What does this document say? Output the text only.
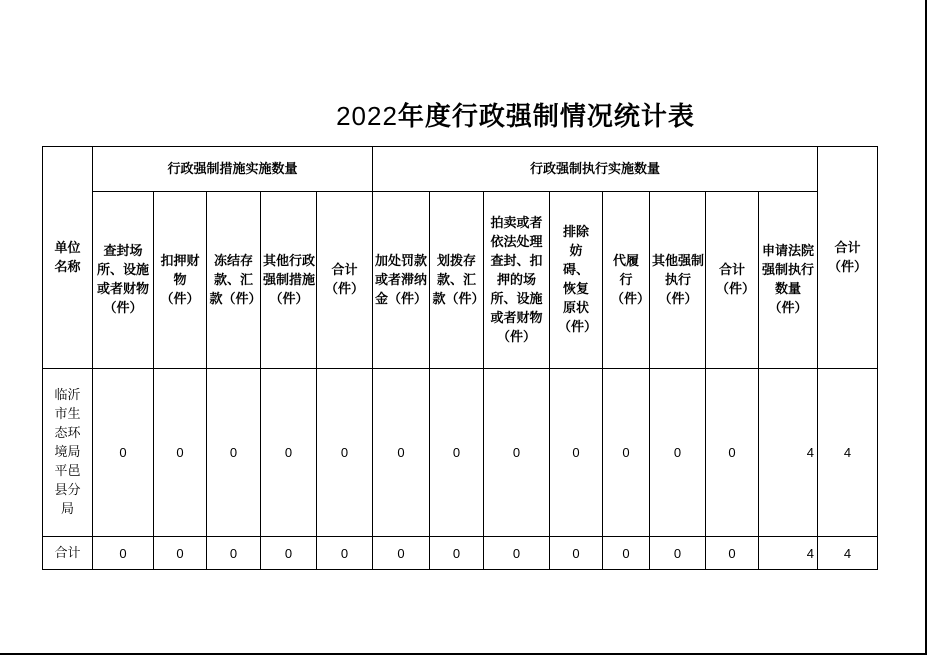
2022年度行政强制情况统计表
单位名称	行政强制措施实施数量					行政强制执行实施数量								合计（件）
	查封场所、设施或者财物（件）	扣押财物（件）	冻结存款、汇款（件）	其他行政强制措施（件）	合计（件）	加处罚款或者滞纳金（件）	划拨存款、汇款（件）	拍卖或者依法处理查封、扣押的场所、设施或者财物（件）	排除妨碍、恢复原状（件）	代履行（件）	其他强制执行（件）	合计（件）	申请法院强制执行数量（件）	
临沂市生态环境局平邑县分局	0	0	0	0	0	0	0	0	0	0	0	0	4	4
合计	0	0	0	0	0	0	0	0	0	0	0	0	4	4
